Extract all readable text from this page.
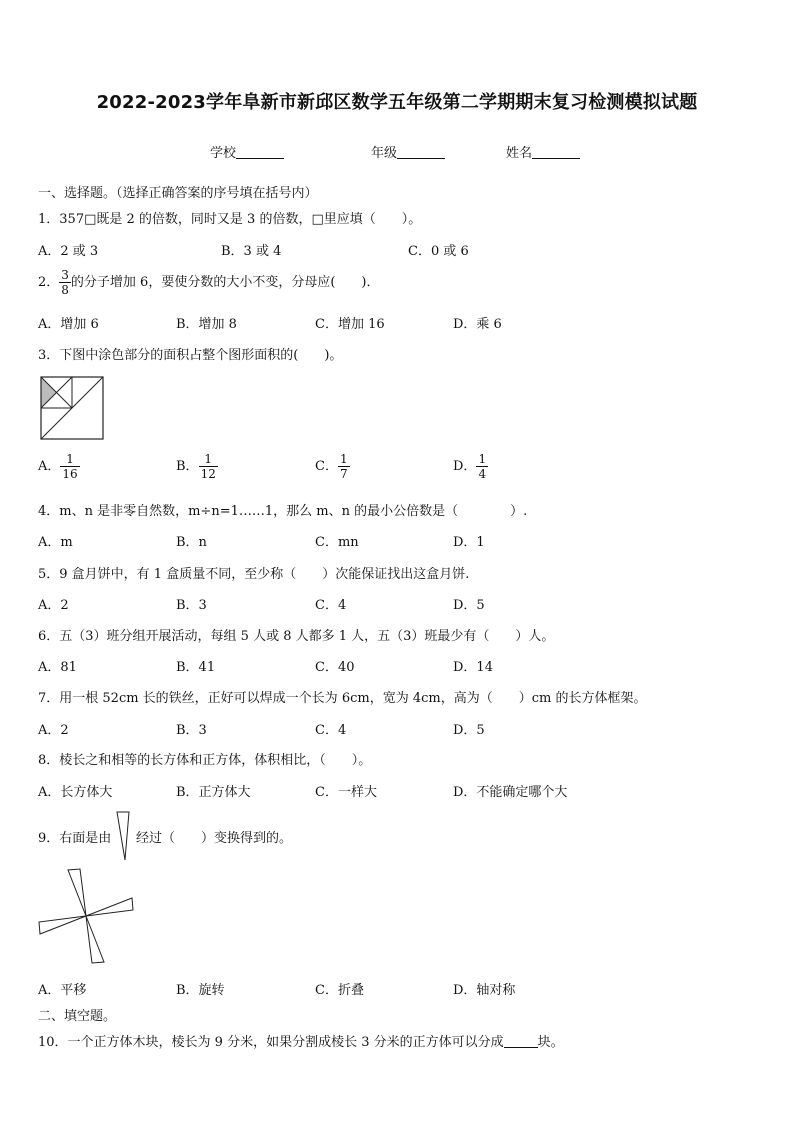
2022-2023学年阜新市新邱区数学五年级第二学期期末复习检测模拟试题
学校	年级	姓名
一、选择题。（选择正确答案的序号填在括号内）
1．357□既是 2 的倍数，同时又是 3 的倍数，□里应填（　　）。
A．2 或 3	B．3 或 4	C．0 或 6
2． $\frac{3}{8}$ 的分子增加 6，要使分数的大小不变，分母应(　　)．
A．增加 6	B．增加 8	C．增加 16	D．乘 6
3．下图中涂色部分的面积占整个图形面积的(　　)。
A． $\frac{1}{16}$	B． $\frac{1}{12}$	C． $\frac{1}{7}$	D． $\frac{1}{4}$
4．m、n 是非零自然数，m÷n=1……1，那么 m、n 的最小公倍数是（　　　　）.
A．m	B．n	C．mn	D．1
5．9 盒月饼中，有 1 盒质量不同，至少称（　　）次能保证找出这盒月饼.
A．2	B．3	C．4	D．5
6．五（3）班分组开展活动，每组 5 人或 8 人都多 1 人，五（3）班最少有（　　）人。
A．81	B．41	C．40	D．14
7．用一根 52cm 长的铁丝，正好可以焊成一个长为 6cm，宽为 4cm，高为（　　）cm 的长方体框架。
A．2	B．3	C．4	D．5
8．棱长之和相等的长方体和正方体，体积相比，（　　）。
A．长方体大	B．正方体大	C．一样大	D．不能确定哪个大
9．右面是由 经过（　　）变换得到的。
A．平移	B．旋转	C．折叠	D．轴对称
二、填空题。
10．一个正方体木块，棱长为 9 分米，如果分割成棱长 3 分米的正方体可以分成	块。
